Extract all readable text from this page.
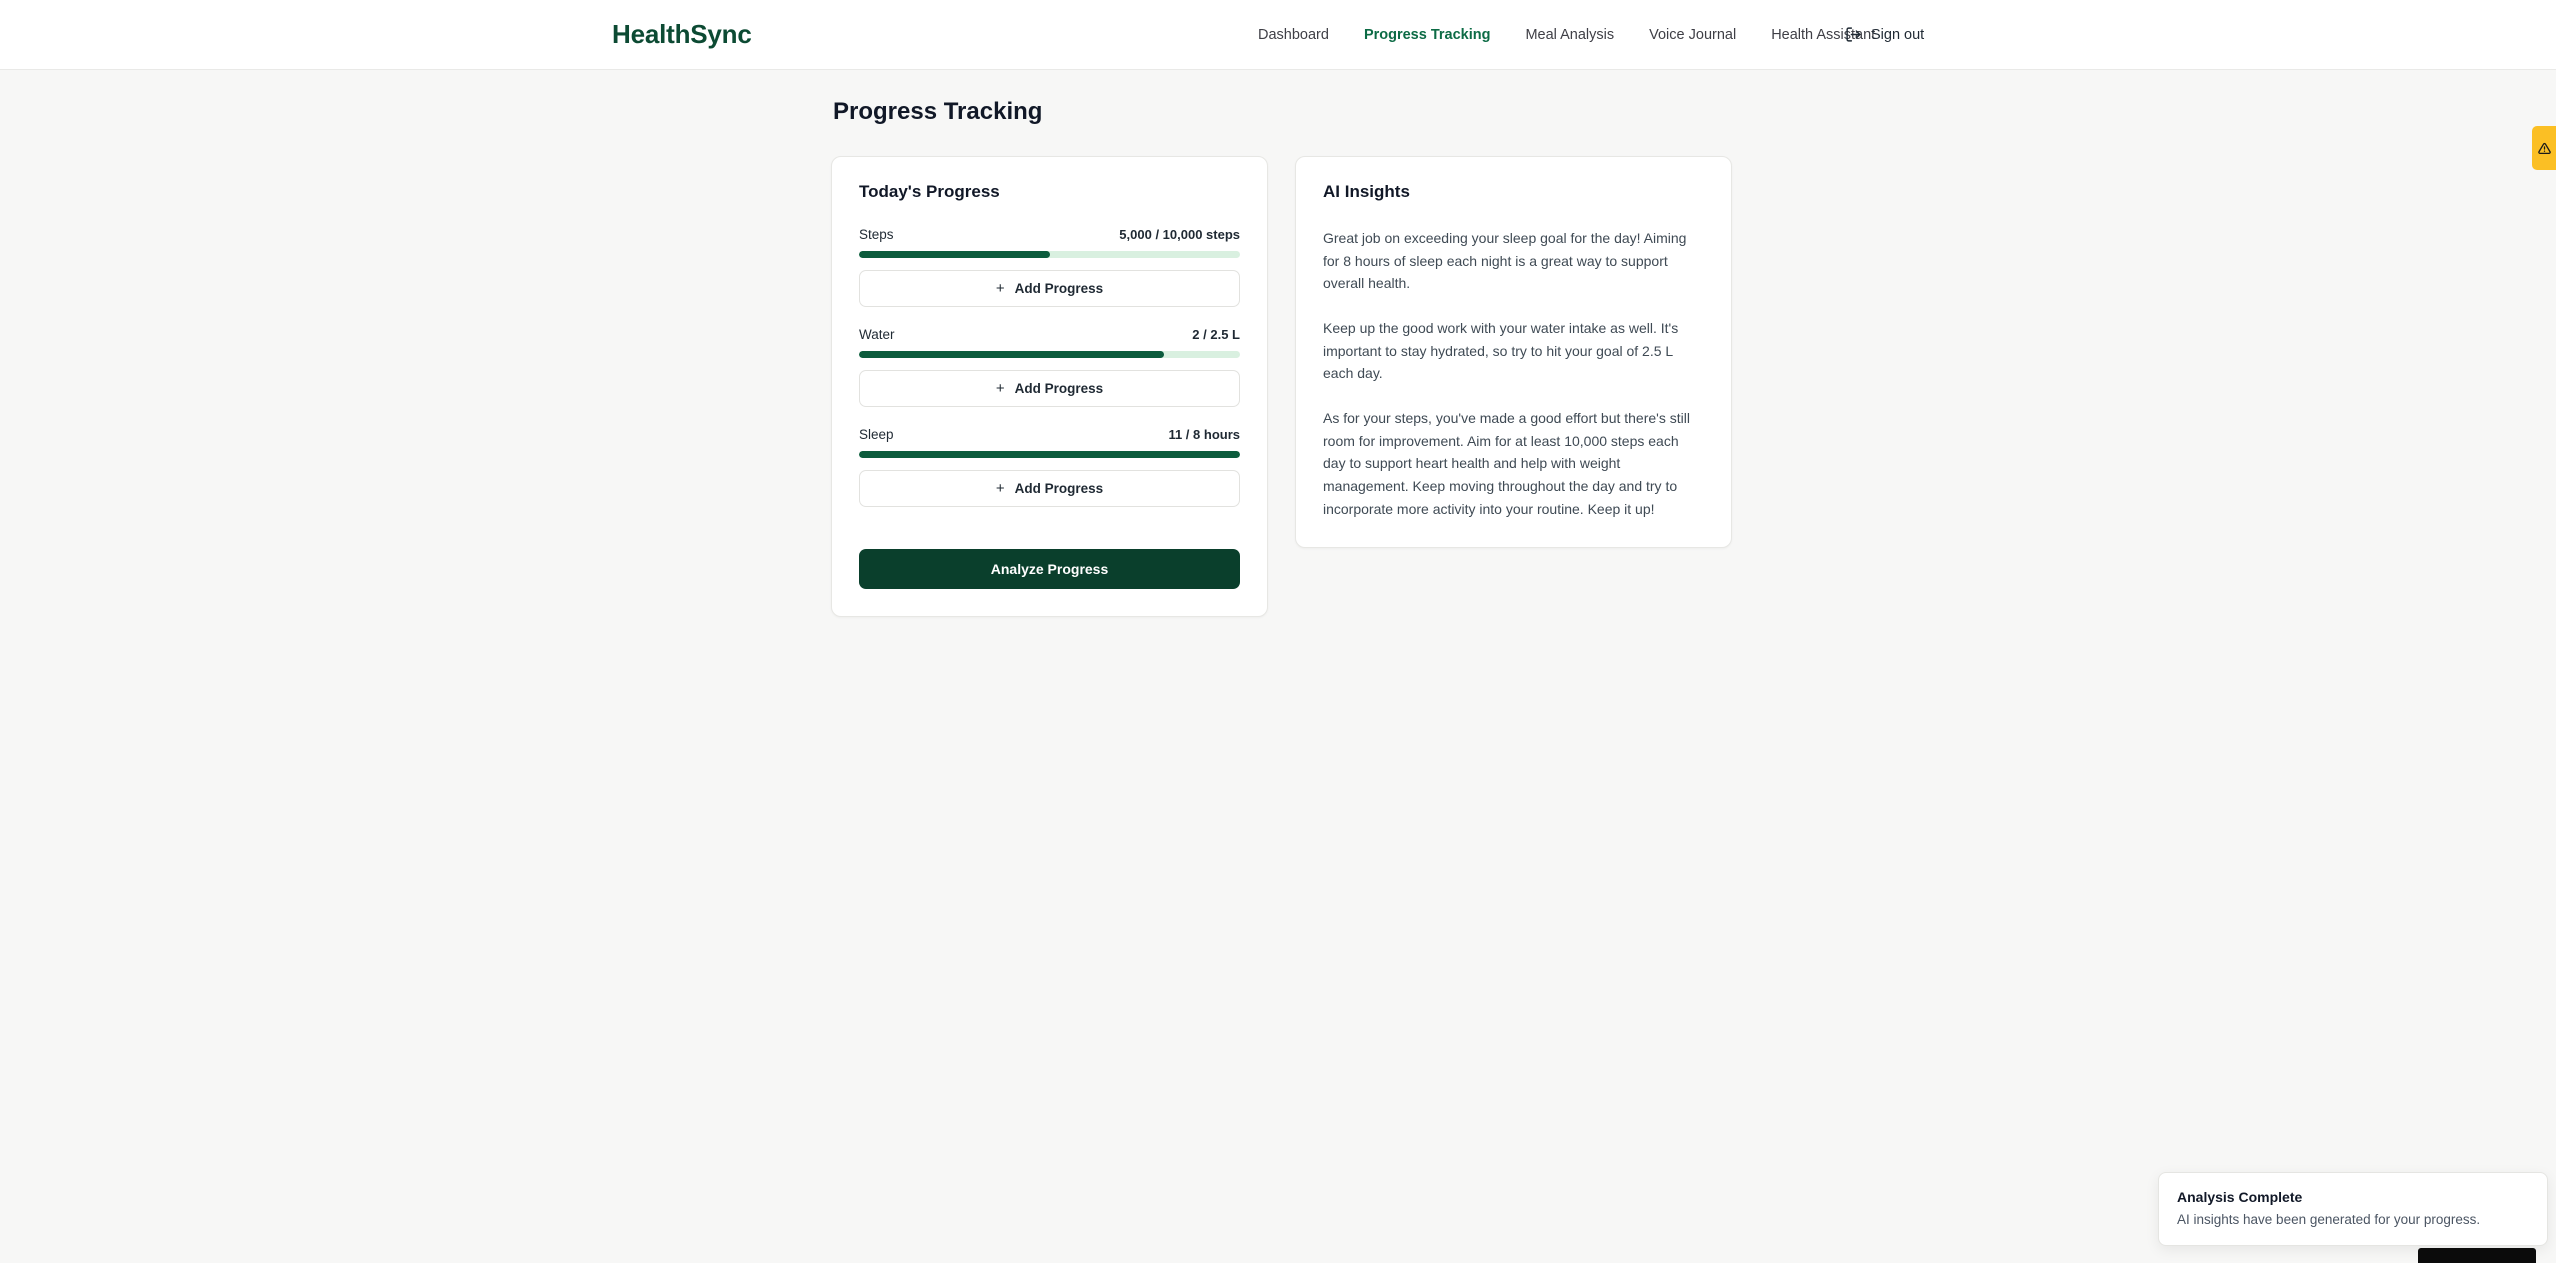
HealthSync	Dashboard Progress Tracking Meal Analysis Voice Journal Health Assistant
Sign out
Progress Tracking
Today's Progress
Steps	5,000 / 10,000 steps
+ Add Progress
Water	2 / 2.5 L
+ Add Progress
Sleep	11 / 8 hours
+ Add Progress
Analyze Progress
AI Insights

Great job on exceeding your sleep goal for the day! Aiming for 8 hours of sleep each night is a great way to support overall health.

Keep up the good work with your water intake as well. It's important to stay hydrated, so try to hit your goal of 2.5 L each day.

As for your steps, you've made a good effort but there's still room for improvement. Aim for at least 10,000 steps each day to support heart health and help with weight management. Keep moving throughout the day and try to incorporate more activity into your routine. Keep it up!

Analysis Complete
AI insights have been generated for your progress.
